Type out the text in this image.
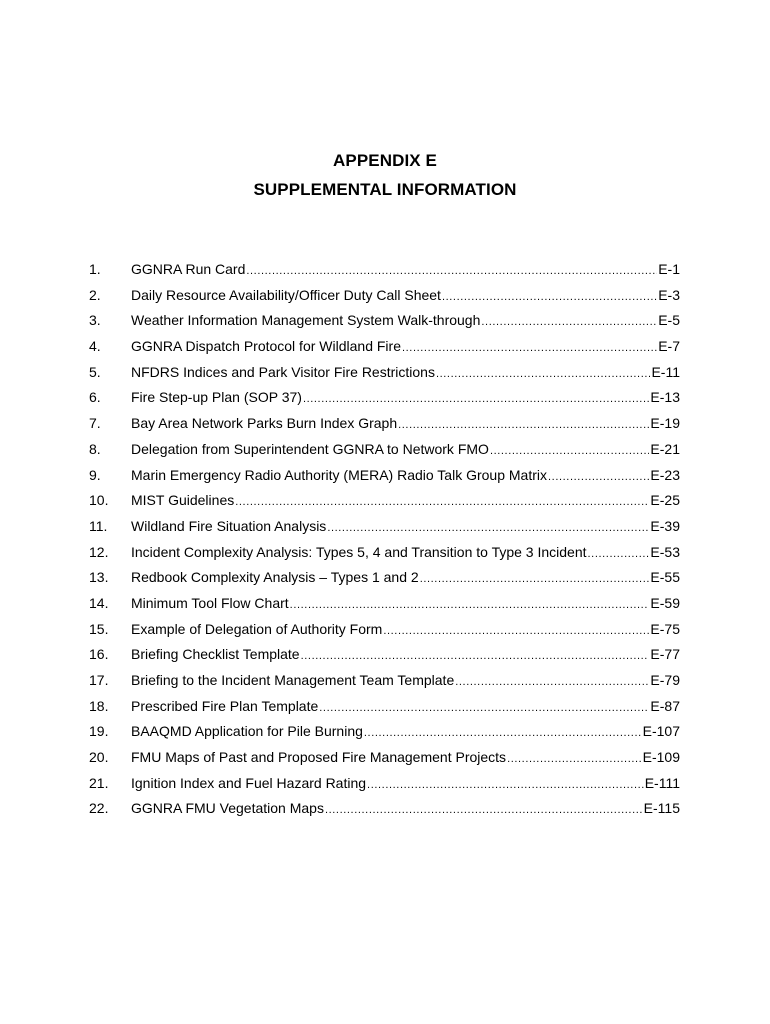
APPENDIX E
SUPPLEMENTAL INFORMATION
1. GGNRA Run Card .....	E-1
2. Daily Resource Availability/Officer Duty Call Sheet .....	E-3
3. Weather Information Management System Walk-through .....	E-5
4. GGNRA Dispatch Protocol for Wildland Fire .....	E-7
5. NFDRS Indices and Park Visitor Fire Restrictions .....	E-11
6. Fire Step-up Plan (SOP 37) .....	E-13
7. Bay Area Network Parks Burn Index Graph .....	E-19
8. Delegation from Superintendent GGNRA to Network FMO .....	E-21
9. Marin Emergency Radio Authority (MERA) Radio Talk Group Matrix .....	E-23
10. MIST Guidelines .....	E-25
11. Wildland Fire Situation Analysis .....	E-39
12. Incident Complexity Analysis: Types 5, 4 and Transition to Type 3 Incident .....	E-53
13. Redbook Complexity Analysis – Types 1 and 2 .....	E-55
14. Minimum Tool Flow Chart .....	E-59
15. Example of Delegation of Authority Form .....	E-75
16. Briefing Checklist Template .....	E-77
17. Briefing to the Incident Management Team Template .....	E-79
18. Prescribed Fire Plan Template .....	E-87
19. BAAQMD Application for Pile Burning .....	E-107
20. FMU Maps of Past and Proposed Fire Management Projects .....	E-109
21. Ignition Index and Fuel Hazard Rating .....	E-111
22. GGNRA FMU Vegetation Maps .....	E-115
